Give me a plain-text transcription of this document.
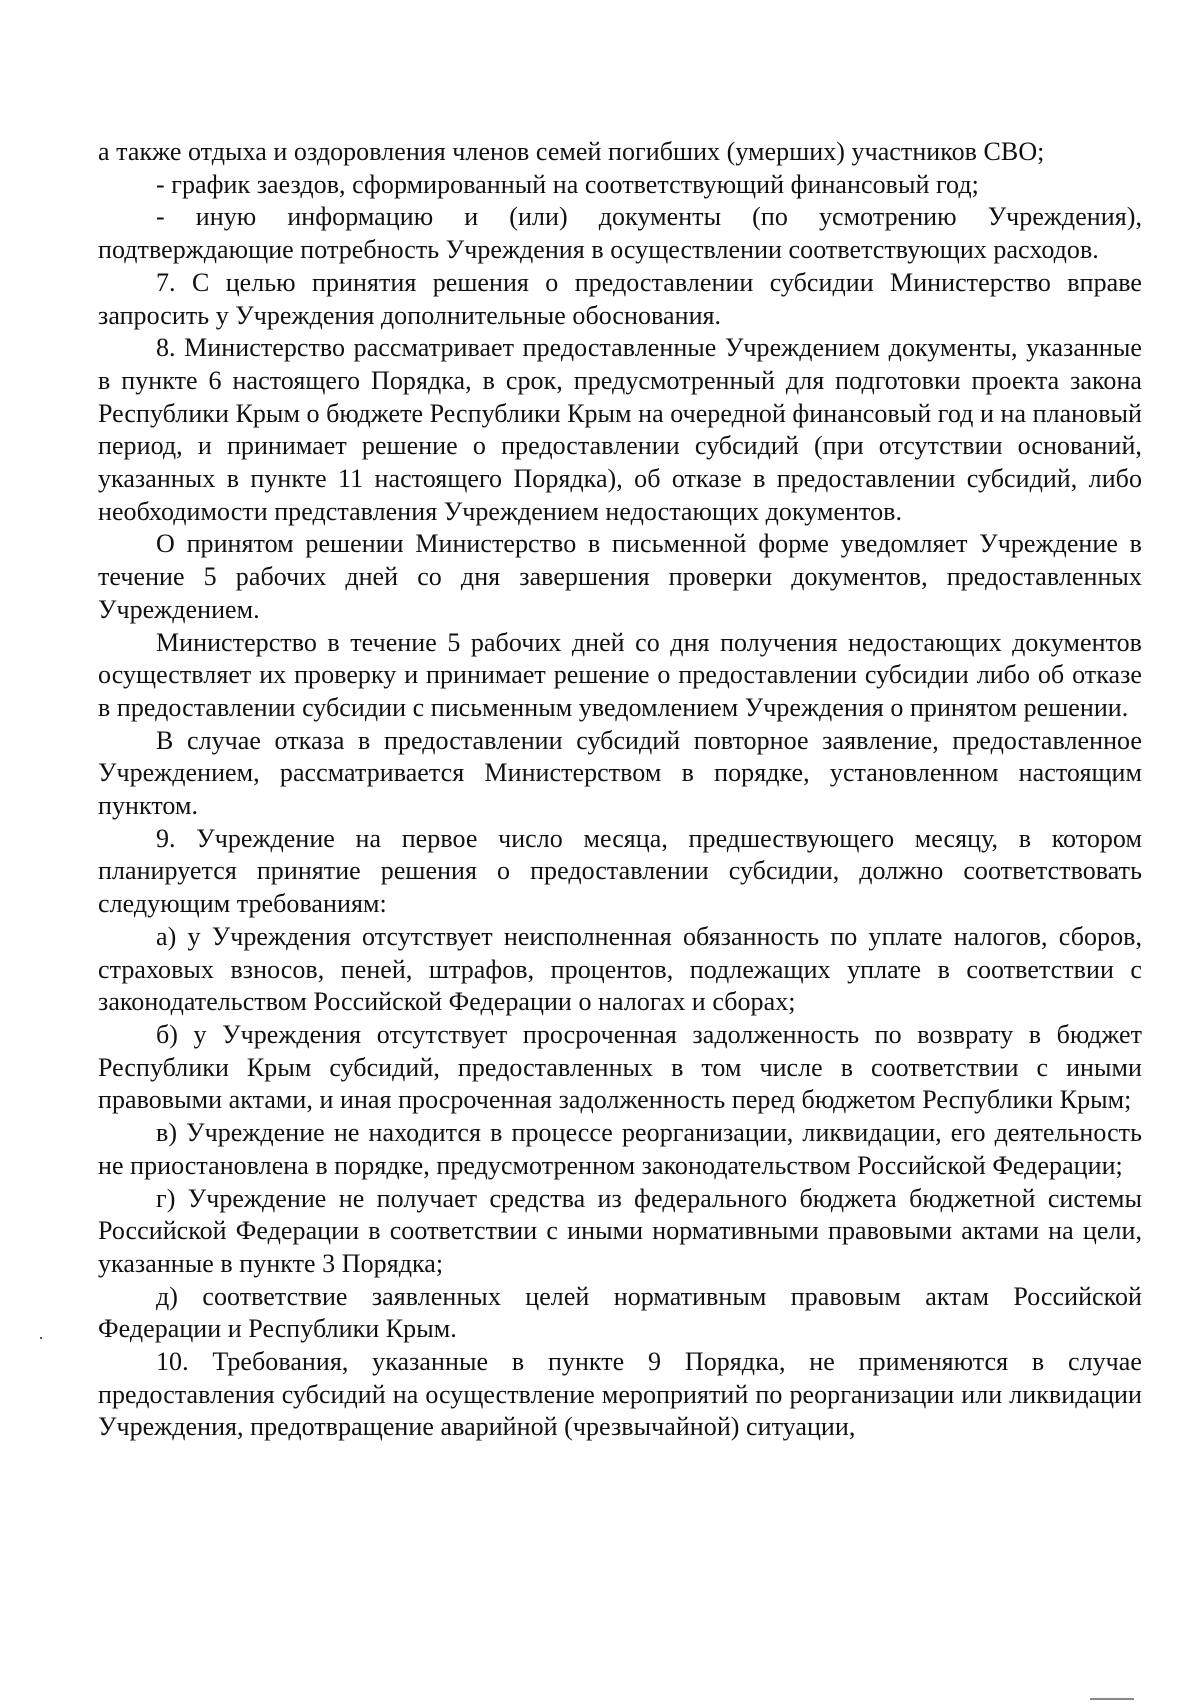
а также отдыха и оздоровления членов семей погибших (умерших) участников СВО;

- график заездов, сформированный на соответствующий финансовый год;

- иную информацию и (или) документы (по усмотрению Учреждения), подтверждающие потребность Учреждения в осуществлении соответствующих расходов.

7. С целью принятия решения о предоставлении субсидии Министерство вправе запросить у Учреждения дополнительные обоснования.

8. Министерство рассматривает предоставленные Учреждением документы, указанные в пункте 6 настоящего Порядка, в срок, предусмотренный для подготовки проекта закона Республики Крым о бюджете Республики Крым на очередной финансовый год и на плановый период, и принимает решение о предоставлении субсидий (при отсутствии оснований, указанных в пункте 11 настоящего Порядка), об отказе в предоставлении субсидий, либо необходимости представления Учреждением недостающих документов.

О принятом решении Министерство в письменной форме уведомляет Учреждение в течение 5 рабочих дней со дня завершения проверки документов, предоставленных Учреждением.

Министерство в течение 5 рабочих дней со дня получения недостающих документов осуществляет их проверку и принимает решение о предоставлении субсидии либо об отказе в предоставлении субсидии с письменным уведомлением Учреждения о принятом решении.

В случае отказа в предоставлении субсидий повторное заявление, предоставленное Учреждением, рассматривается Министерством в порядке, установленном настоящим пунктом.

9. Учреждение на первое число месяца, предшествующего месяцу, в котором планируется принятие решения о предоставлении субсидии, должно соответствовать следующим требованиям:

а) у Учреждения отсутствует неисполненная обязанность по уплате налогов, сборов, страховых взносов, пеней, штрафов, процентов, подлежащих уплате в соответствии с законодательством Российской Федерации о налогах и сборах;

б) у Учреждения отсутствует просроченная задолженность по возврату в бюджет Республики Крым субсидий, предоставленных в том числе в соответствии с иными правовыми актами, и иная просроченная задолженность перед бюджетом Республики Крым;

в) Учреждение не находится в процессе реорганизации, ликвидации, его деятельность не приостановлена в порядке, предусмотренном законодательством Российской Федерации;

г) Учреждение не получает средства из федерального бюджета бюджетной системы Российской Федерации в соответствии с иными нормативными правовыми актами на цели, указанные в пункте 3 Порядка;

д) соответствие заявленных целей нормативным правовым актам Российской Федерации и Республики Крым.

10. Требования, указанные в пункте 9 Порядка, не применяются в случае предоставления субсидий на осуществление мероприятий по реорганизации или ликвидации Учреждения, предотвращение аварийной (чрезвычайной) ситуации,
